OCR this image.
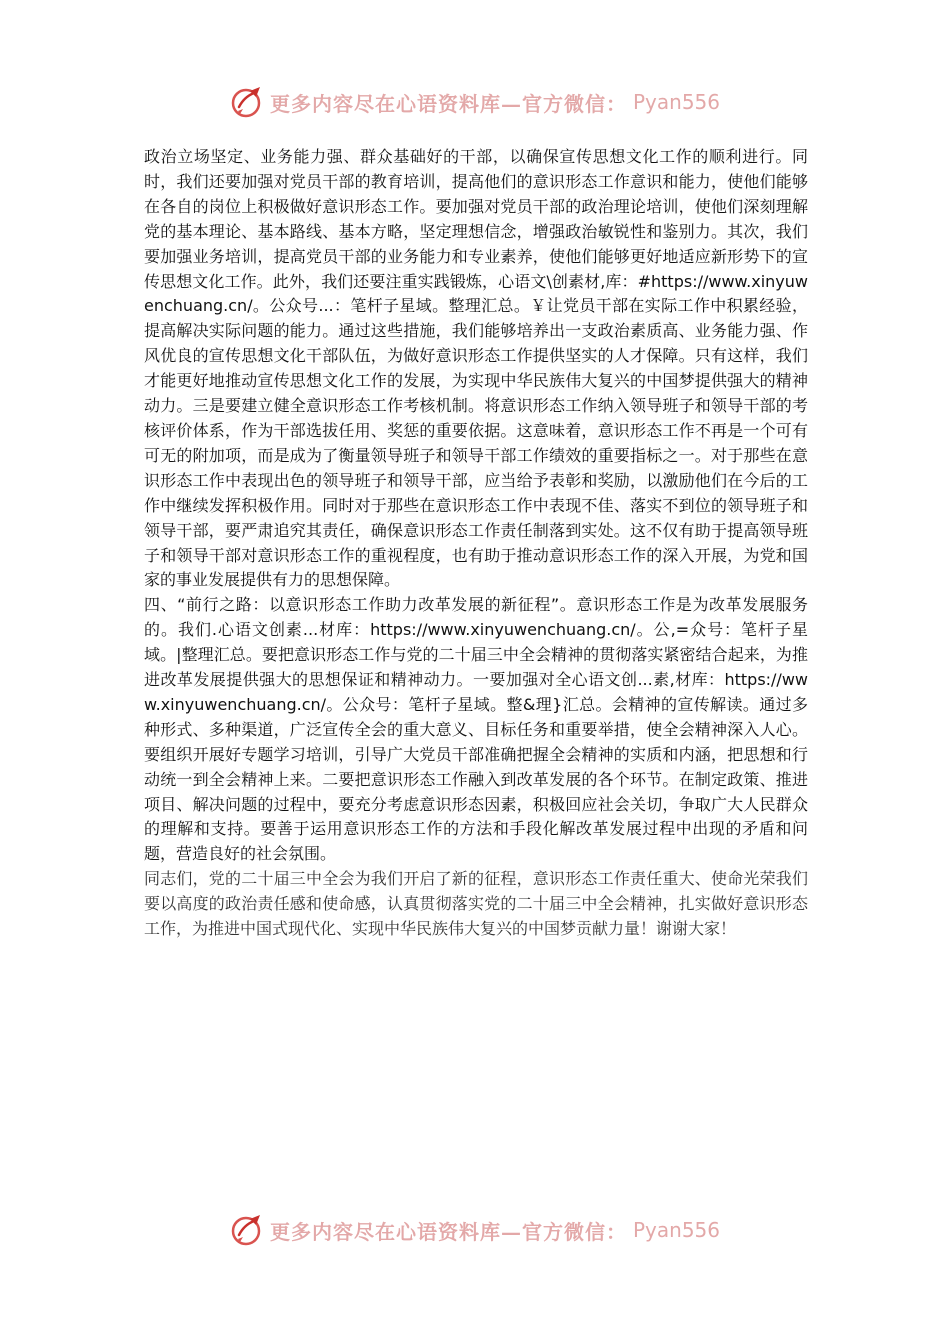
更多内容尽在心语资料库—官方微信： Pyan556

政治立场坚定、业务能力强、群众基础好的干部，以确保宣传思想文化工作的顺利进行。同时，我们还要加强对党员干部的教育培训，提高他们的意识形态工作意识和能力，使他们能够在各自的岗位上积极做好意识形态工作。要加强对党员干部的政治理论培训，使他们深刻理解党的基本理论、基本路线、基本方略，坚定理想信念，增强政治敏锐性和鉴别力。其次，我们要加强业务培训，提高党员干部的业务能力和专业素养，使他们能够更好地适应新形势下的宣传思想文化工作。此外，我们还要注重实践锻炼，心语文\创素材,库：#https://www.xinyuwenchuang.cn/。公众号...：笔杆子星域。整理汇总。￥让党员干部在实际工作中积累经验，提高解决实际问题的能力。通过这些措施，我们能够培养出一支政治素质高、业务能力强、作风优良的宣传思想文化干部队伍，为做好意识形态工作提供坚实的人才保障。只有这样，我们才能更好地推动宣传思想文化工作的发展，为实现中华民族伟大复兴的中国梦提供强大的精神动力。三是要建立健全意识形态工作考核机制。将意识形态工作纳入领导班子和领导干部的考核评价体系，作为干部选拔任用、奖惩的重要依据。这意味着，意识形态工作不再是一个可有可无的附加项，而是成为了衡量领导班子和领导干部工作绩效的重要指标之一。对于那些在意识形态工作中表现出色的领导班子和领导干部，应当给予表彰和奖励，以激励他们在今后的工作中继续发挥积极作用。同时对于那些在意识形态工作中表现不佳、落实不到位的领导班子和领导干部，要严肃追究其责任，确保意识形态工作责任制落到实处。这不仅有助于提高领导班子和领导干部对意识形态工作的重视程度，也有助于推动意识形态工作的深入开展，为党和国家的事业发展提供有力的思想保障。

四、“前行之路：以意识形态工作助力改革发展的新征程”。意识形态工作是为改革发展服务的。我们.心语文创素...材库：https://www.xinyuwenchuang.cn/。公,=众号：笔杆子星域。|整理汇总。要把意识形态工作与党的二十届三中全会精神的贯彻落实紧密结合起来，为推进改革发展提供强大的思想保证和精神动力。一要加强对全心语文创...素,材库：https://www.xinyuwenchuang.cn/。公众号：笔杆子星域。整&理}汇总。会精神的宣传解读。通过多种形式、多种渠道，广泛宣传全会的重大意义、目标任务和重要举措，使全会精神深入人心。要组织开展好专题学习培训，引导广大党员干部准确把握全会精神的实质和内涵，把思想和行动统一到全会精神上来。二要把意识形态工作融入到改革发展的各个环节。在制定政策、推进项目、解决问题的过程中，要充分考虑意识形态因素，积极回应社会关切，争取广大人民群众的理解和支持。要善于运用意识形态工作的方法和手段化解改革发展过程中出现的矛盾和问题，营造良好的社会氛围。

同志们，党的二十届三中全会为我们开启了新的征程，意识形态工作责任重大、使命光荣我们要以高度的政治责任感和使命感，认真贯彻落实党的二十届三中全会精神，扎实做好意识形态工作，为推进中国式现代化、实现中华民族伟大复兴的中国梦贡献力量！谢谢大家！

更多内容尽在心语资料库—官方微信： Pyan556
